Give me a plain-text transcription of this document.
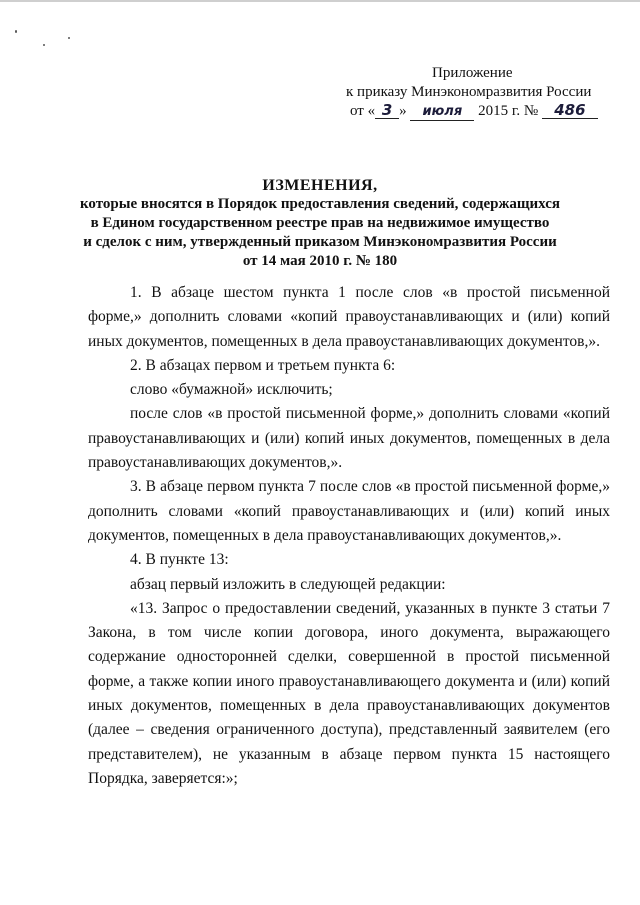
Приложение
к приказу Минэкономразвития России
от « 3 » июля 2015 г. № 486
ИЗМЕНЕНИЯ,
которые вносятся в Порядок предоставления сведений, содержащихся
в Едином государственном реестре прав на недвижимое имущество
и сделок с ним, утвержденный приказом Минэкономразвития России
от 14 мая 2010 г. № 180

1. В абзаце шестом пункта 1 после слов «в простой письменной форме,» дополнить словами «копий правоустанавливающих и (или) копий иных документов, помещенных в дела правоустанавливающих документов,».

2. В абзацах первом и третьем пункта 6:

слово «бумажной» исключить;

после слов «в простой письменной форме,» дополнить словами «копий правоустанавливающих и (или) копий иных документов, помещенных в дела правоустанавливающих документов,».

3. В абзаце первом пункта 7 после слов «в простой письменной форме,» дополнить словами «копий правоустанавливающих и (или) копий иных документов, помещенных в дела правоустанавливающих документов,».

4. В пункте 13:

абзац первый изложить в следующей редакции:

«13. Запрос о предоставлении сведений, указанных в пункте 3 статьи 7 Закона, в том числе копии договора, иного документа, выражающего содержание односторонней сделки, совершенной в простой письменной форме, а также копии иного правоустанавливающего документа и (или) копий иных документов, помещенных в дела правоустанавливающих документов (далее – сведения ограниченного доступа), представленный заявителем (его представителем), не указанным в абзаце первом пункта 15 настоящего Порядка, заверяется:»;
